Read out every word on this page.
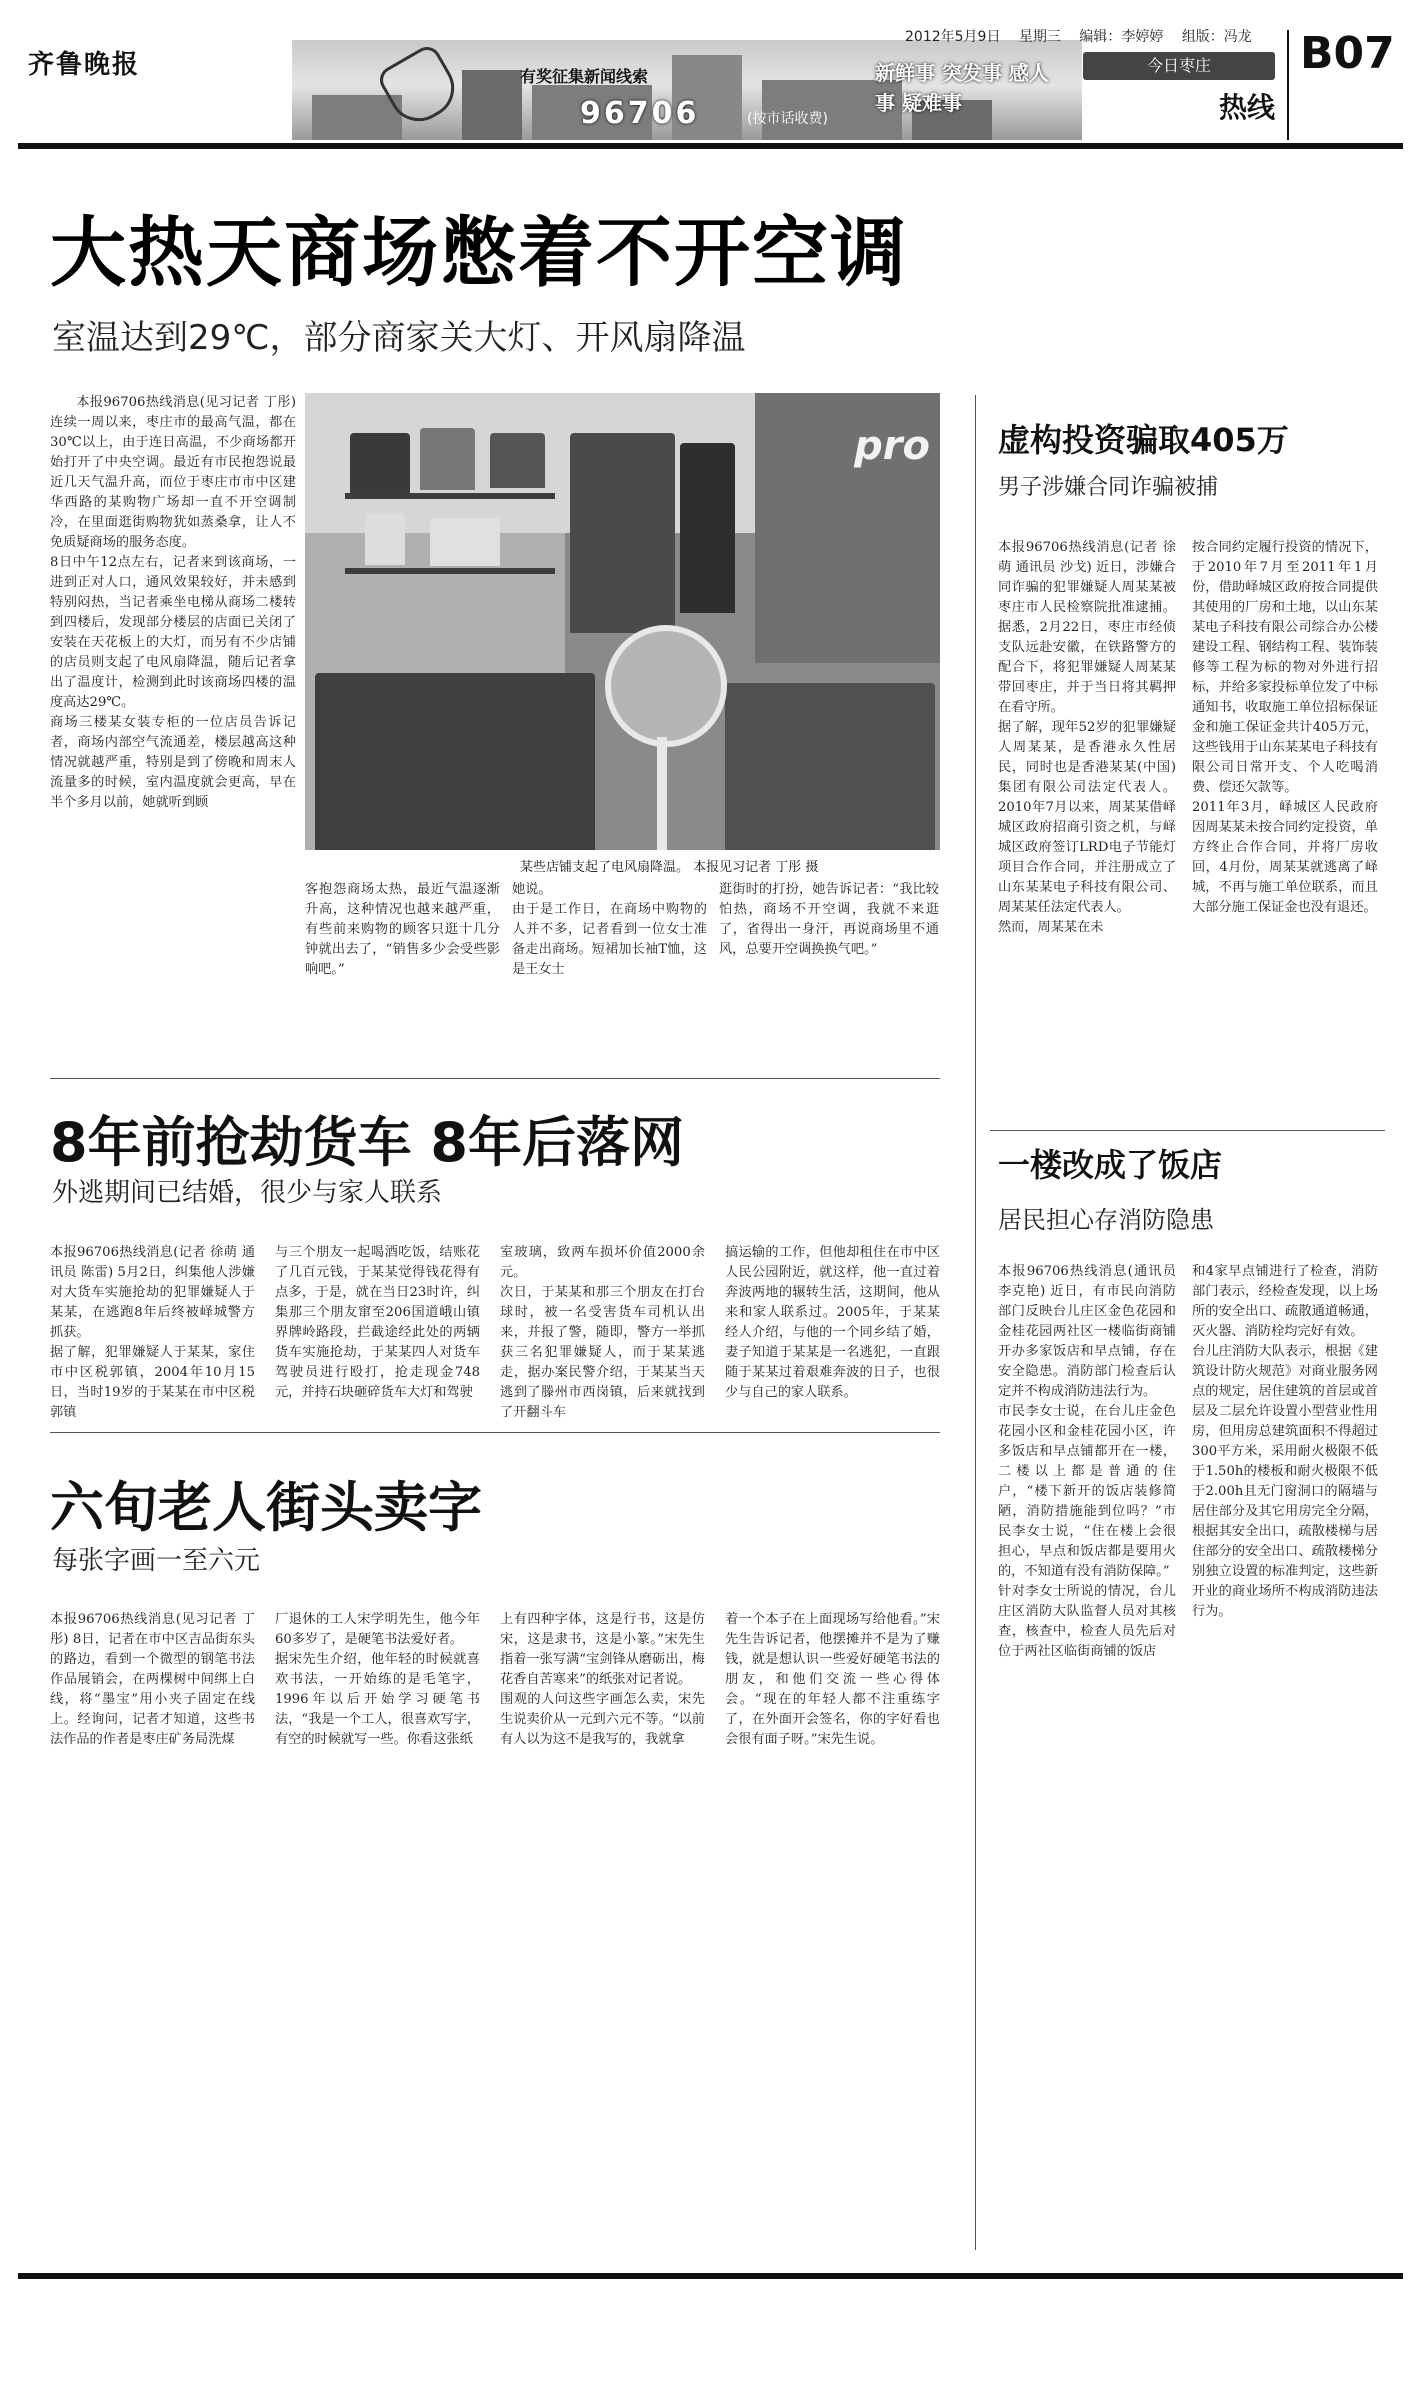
齐鲁晚报	有奖征集新闻线索
96706	(按市话收费)
新鲜事 突发事 感人事 疑难事
2012年5月9日 星期三 编辑：李婷婷 组版：冯龙
今日枣庄
热线
B07
大热天商场憋着不开空调
室温达到29℃，部分商家关大灯、开风扇降温
本报96706热线消息(见习记者 丁彤) 连续一周以来，枣庄市的最高气温，都在30℃以上，由于连日高温，不少商场都开始打开了中央空调。最近有市民抱怨说最近几天气温升高，而位于枣庄市市中区建华西路的某购物广场却一直不开空调制冷，在里面逛街购物犹如蒸桑拿，让人不免质疑商场的服务态度。
8日中午12点左右，记者来到该商场，一进到正对人口，通风效果较好，并未感到特别闷热，当记者乘坐电梯从商场二楼转到四楼后，发现部分楼层的店面已关闭了安装在天花板上的大灯，而另有不少店铺的店员则支起了电风扇降温，随后记者拿出了温度计，检测到此时该商场四楼的温度高达29℃。
商场三楼某女装专柜的一位店员告诉记者，商场内部空气流通差，楼层越高这种情况就越严重，特别是到了傍晚和周末人流量多的时候，室内温度就会更高，早在半个多月以前，她就听到顾
pro
某些店铺支起了电风扇降温。 本报见习记者 丁彤 摄
客抱怨商场太热，最近气温逐渐升高，这种情况也越来越严重，有些前来购物的顾客只逛十几分钟就出去了，“销售多少会受些影响吧。”
她说。
由于是工作日，在商场中购物的人并不多，记者看到一位女士准备走出商场。短裙加长袖T恤，这是王女士
逛街时的打扮，她告诉记者：“我比较怕热，商场不开空调，我就不来逛了，省得出一身汗，再说商场里不通风，总要开空调换换气吧。”
虚构投资骗取405万
男子涉嫌合同诈骗被捕
本报96706热线消息(记者 徐萌 通讯员 沙戈) 近日，涉嫌合同诈骗的犯罪嫌疑人周某某被枣庄市人民检察院批准逮捕。据悉，2月22日，枣庄市经侦支队远赴安徽，在铁路警方的配合下，将犯罪嫌疑人周某某带回枣庄，并于当日将其羁押在看守所。
据了解，现年52岁的犯罪嫌疑人周某某，是香港永久性居民，同时也是香港某某(中国)集团有限公司法定代表人。2010年7月以来，周某某借峄城区政府招商引资之机，与峄城区政府签订LRD电子节能灯项目合作合同，并注册成立了山东某某电子科技有限公司、周某某任法定代表人。
然而，周某某在未
按合同约定履行投资的情况下，于2010年7月至2011年1月份，借助峄城区政府按合同提供其使用的厂房和土地，以山东某某电子科技有限公司综合办公楼建设工程、钢结构工程、装饰装修等工程为标的物对外进行招标，并给多家投标单位发了中标通知书，收取施工单位招标保证金和施工保证金共计405万元，这些钱用于山东某某电子科技有限公司日常开支、个人吃喝消费、偿还欠款等。
2011年3月，峄城区人民政府因周某某未按合同约定投资，单方终止合作合同，并将厂房收回，4月份，周某某就逃离了峄城，不再与施工单位联系，而且大部分施工保证金也没有退还。
8年前抢劫货车 8年后落网
外逃期间已结婚，很少与家人联系
本报96706热线消息(记者 徐萌 通讯员 陈雷) 5月2日，纠集他人涉嫌对大货车实施抢劫的犯罪嫌疑人于某某，在逃跑8年后终被峄城警方抓获。
据了解，犯罪嫌疑人于某某，家住市中区税郭镇，2004年10月15日，当时19岁的于某某在市中区税郭镇
与三个朋友一起喝酒吃饭，结账花了几百元钱，于某某觉得钱花得有点多，于是，就在当日23时许，纠集那三个朋友窜至206国道峨山镇界牌岭路段，拦截途经此处的两辆货车实施抢劫，于某某四人对货车驾驶员进行殴打，抢走现金748元，并持石块砸碎货车大灯和驾驶
室玻璃，致两车损坏价值2000余元。
次日，于某某和那三个朋友在打台球时，被一名受害货车司机认出来，并报了警，随即，警方一举抓获三名犯罪嫌疑人，而于某某逃走，据办案民警介绍，于某某当天逃到了滕州市西岗镇，后来就找到了开翻斗车
搞运输的工作，但他却租住在市中区人民公园附近，就这样，他一直过着奔波两地的辗转生活，这期间，他从来和家人联系过。2005年，于某某经人介绍，与他的一个同乡结了婚，妻子知道于某某是一名逃犯，一直跟随于某某过着艰难奔波的日子，也很少与自己的家人联系。
一楼改成了饭店
居民担心存消防隐患
本报96706热线消息(通讯员 李克艳) 近日，有市民向消防部门反映台儿庄区金色花园和金桂花园两社区一楼临街商铺开办多家饭店和早点铺，存在安全隐患。消防部门检查后认定并不构成消防违法行为。
市民李女士说，在台儿庄金色花园小区和金桂花园小区，许多饭店和早点铺都开在一楼，二楼以上都是普通的住户，“楼下新开的饭店装修简陋，消防措施能到位吗？”市民李女士说，“住在楼上会很担心，早点和饭店都是要用火的，不知道有没有消防保障。”
针对李女士所说的情况，台儿庄区消防大队监督人员对其核查，核查中，检查人员先后对位于两社区临街商铺的饭店
和4家早点铺进行了检查，消防部门表示，经检查发现，以上场所的安全出口、疏散通道畅通，灭火器、消防栓均完好有效。
台儿庄消防大队表示，根据《建筑设计防火规范》对商业服务网点的规定，居住建筑的首层或首层及二层允许设置小型营业性用房，但用房总建筑面积不得超过300平方米，采用耐火极限不低于1.50h的楼板和耐火极限不低于2.00h且无门窗洞口的隔墙与居住部分及其它用房完全分隔，根据其安全出口，疏散楼梯与居住部分的安全出口、疏散楼梯分别独立设置的标准判定，这些新开业的商业场所不构成消防违法行为。
六旬老人街头卖字
每张字画一至六元
本报96706热线消息(见习记者 丁彤) 8日，记者在市中区吉品街东头的路边，看到一个微型的钢笔书法作品展销会，在两棵树中间绑上白线，将“墨宝”用小夹子固定在线上。经询问，记者才知道，这些书法作品的作者是枣庄矿务局洗煤
厂退休的工人宋学明先生，他今年60多岁了，是硬笔书法爱好者。
据宋先生介绍，他年轻的时候就喜欢书法，一开始练的是毛笔字，1996年以后开始学习硬笔书法，“我是一个工人，很喜欢写字，有空的时候就写一些。你看这张纸
上有四种字体，这是行书，这是仿宋，这是隶书，这是小篆。”宋先生指着一张写满“宝剑锋从磨砺出，梅花香自苦寒来”的纸张对记者说。
围观的人问这些字画怎么卖，宋先生说卖价从一元到六元不等。“以前有人以为这不是我写的，我就拿
着一个本子在上面现场写给他看。”宋先生告诉记者，他摆摊并不是为了赚钱，就是想认识一些爱好硬笔书法的朋友，和他们交流一些心得体会。“现在的年轻人都不注重练字了，在外面开会签名，你的字好看也会很有面子呀。”宋先生说。
